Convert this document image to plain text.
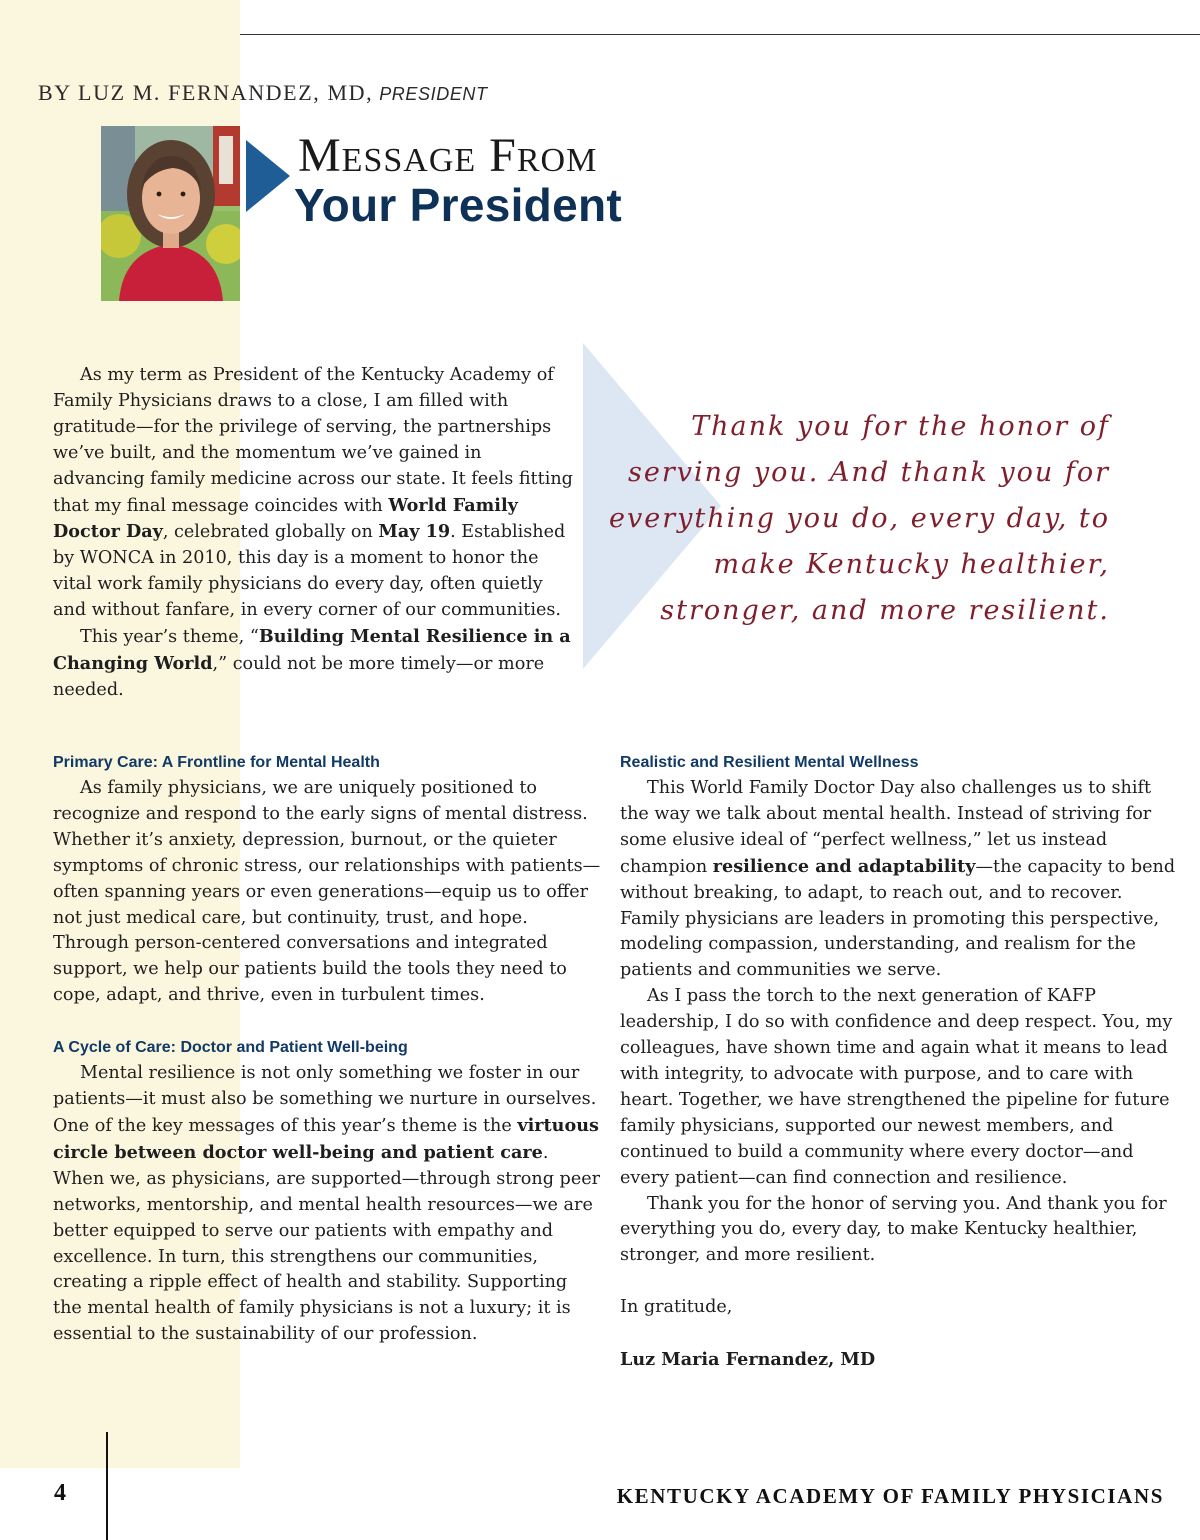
BY LUZ M. FERNANDEZ, MD, PRESIDENT
Message From
Your President

Thank you for the honor of serving you. And thank you for everything you do, every day, to make Kentucky healthier, stronger, and more resilient.

As my term as President of the Kentucky Academy of Family Physicians draws to a close, I am filled with gratitude—for the privilege of serving, the partnerships we’ve built, and the momentum we’ve gained in advancing family medicine across our state. It feels fitting that my final message coincides with World Family Doctor Day, celebrated globally on May 19. Established by WONCA in 2010, this day is a moment to honor the vital work family physicians do every day, often quietly and without fanfare, in every corner of our communities.

This year’s theme, “Building Mental Resilience in a Changing World,” could not be more timely—or more needed.

Primary Care: A Frontline for Mental Health

As family physicians, we are uniquely positioned to recognize and respond to the early signs of mental distress. Whether it’s anxiety, depression, burnout, or the quieter symptoms of chronic stress, our relationships with patients—often spanning years or even generations—equip us to offer not just medical care, but continuity, trust, and hope. Through person-centered conversations and integrated support, we help our patients build the tools they need to cope, adapt, and thrive, even in turbulent times.

A Cycle of Care: Doctor and Patient Well-being

Mental resilience is not only something we foster in our patients—it must also be something we nurture in ourselves. One of the key messages of this year’s theme is the virtuous circle between doctor well-being and patient care. When we, as physicians, are supported—through strong peer networks, mentorship, and mental health resources—we are better equipped to serve our patients with empathy and excellence. In turn, this strengthens our communities, creating a ripple effect of health and stability. Supporting the mental health of family physicians is not a luxury; it is essential to the sustainability of our profession.

Realistic and Resilient Mental Wellness

This World Family Doctor Day also challenges us to shift the way we talk about mental health. Instead of striving for some elusive ideal of “perfect wellness,” let us instead champion resilience and adaptability—the capacity to bend without breaking, to adapt, to reach out, and to recover. Family physicians are leaders in promoting this perspective, modeling compassion, understanding, and realism for the patients and communities we serve.

As I pass the torch to the next generation of KAFP leadership, I do so with confidence and deep respect. You, my colleagues, have shown time and again what it means to lead with integrity, to advocate with purpose, and to care with heart. Together, we have strengthened the pipeline for future family physicians, supported our newest members, and continued to build a community where every doctor—and every patient—can find connection and resilience.

Thank you for the honor of serving you. And thank you for everything you do, every day, to make Kentucky healthier, stronger, and more resilient.

In gratitude,

Luz Maria Fernandez, MD

4	KENTUCKY ACADEMY OF FAMILY PHYSICIANS
